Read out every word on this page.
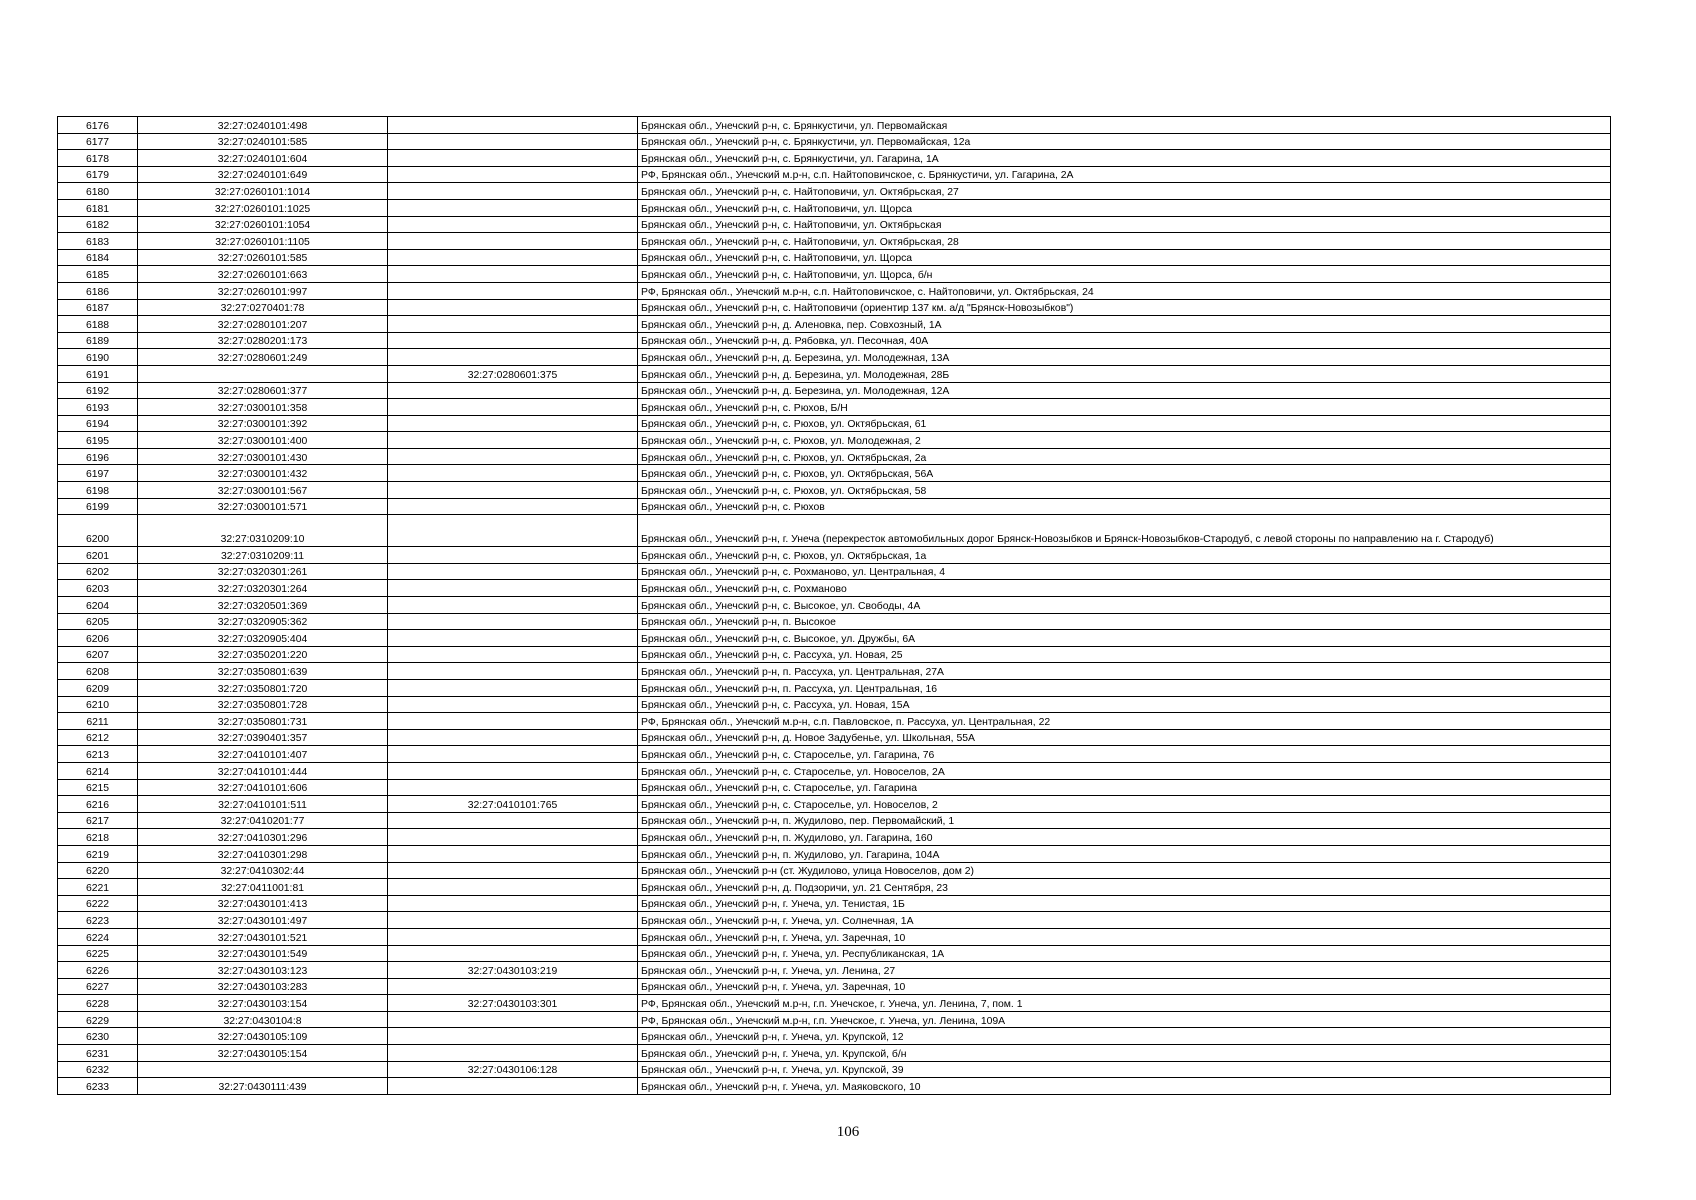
6176	32:27:0240101:498		Брянская обл., Унечский р-н, с. Брянкустичи, ул. Первомайская
6177	32:27:0240101:585		Брянская обл., Унечский р-н, с. Брянкустичи, ул. Первомайская, 12а
6178	32:27:0240101:604		Брянская обл., Унечский р-н, с. Брянкустичи, ул. Гагарина, 1А
6179	32:27:0240101:649		РФ, Брянская обл., Унечский м.р-н, с.п. Найтоповичское, с. Брянкустичи, ул. Гагарина, 2А
6180	32:27:0260101:1014		Брянская обл., Унечский р-н, с. Найтоповичи, ул. Октябрьская, 27
6181	32:27:0260101:1025		Брянская обл., Унечский р-н, с. Найтоповичи, ул. Щорса
6182	32:27:0260101:1054		Брянская обл., Унечский р-н, с. Найтоповичи, ул. Октябрьская
6183	32:27:0260101:1105		Брянская обл., Унечский р-н, с. Найтоповичи, ул. Октябрьская, 28
6184	32:27:0260101:585		Брянская обл., Унечский р-н, с. Найтоповичи, ул. Щорса
6185	32:27:0260101:663		Брянская обл., Унечский р-н, с. Найтоповичи, ул. Щорса, б/н
6186	32:27:0260101:997		РФ, Брянская обл., Унечский м.р-н, с.п. Найтоповичское, с. Найтоповичи, ул. Октябрьская, 24
6187	32:27:0270401:78		Брянская обл., Унечский р-н, с. Найтоповичи (ориентир 137 км. а/д "Брянск-Новозыбков")
6188	32:27:0280101:207		Брянская обл., Унечский р-н, д. Аленовка, пер. Совхозный, 1А
6189	32:27:0280201:173		Брянская обл., Унечский р-н, д. Рябовка, ул. Песочная, 40А
6190	32:27:0280601:249		Брянская обл., Унечский р-н, д. Березина, ул. Молодежная, 13А
6191		32:27:0280601:375	Брянская обл., Унечский р-н, д. Березина, ул. Молодежная, 28Б
6192	32:27:0280601:377		Брянская обл., Унечский р-н, д. Березина, ул. Молодежная, 12А
6193	32:27:0300101:358		Брянская обл., Унечский р-н, с. Рюхов, Б/Н
6194	32:27:0300101:392		Брянская обл., Унечский р-н, с. Рюхов, ул. Октябрьская, 61
6195	32:27:0300101:400		Брянская обл., Унечский р-н, с. Рюхов, ул. Молодежная, 2
6196	32:27:0300101:430		Брянская обл., Унечский р-н, с. Рюхов, ул. Октябрьская, 2а
6197	32:27:0300101:432		Брянская обл., Унечский р-н, с. Рюхов, ул. Октябрьская, 56А
6198	32:27:0300101:567		Брянская обл., Унечский р-н, с. Рюхов, ул. Октябрьская, 58
6199	32:27:0300101:571		Брянская обл., Унечский р-н, с. Рюхов
6200	32:27:0310209:10		Брянская обл., Унечский р-н, г. Унеча (перекресток автомобильных дорог Брянск-Новозыбков и Брянск-Новозыбков-Стародуб, с левой стороны по направлению на г. Стародуб)
6201	32:27:0310209:11		Брянская обл., Унечский р-н, с. Рюхов, ул. Октябрьская, 1а
6202	32:27:0320301:261		Брянская обл., Унечский р-н, с. Рохманово, ул. Центральная, 4
6203	32:27:0320301:264		Брянская обл., Унечский р-н, с. Рохманово
6204	32:27:0320501:369		Брянская обл., Унечский р-н, с. Высокое, ул. Свободы, 4А
6205	32:27:0320905:362		Брянская обл., Унечский р-н, п. Высокое
6206	32:27:0320905:404		Брянская обл., Унечский р-н, с. Высокое, ул. Дружбы, 6А
6207	32:27:0350201:220		Брянская обл., Унечский р-н, с. Рассуха, ул. Новая, 25
6208	32:27:0350801:639		Брянская обл., Унечский р-н, п. Рассуха, ул. Центральная, 27А
6209	32:27:0350801:720		Брянская обл., Унечский р-н, п. Рассуха, ул. Центральная, 16
6210	32:27:0350801:728		Брянская обл., Унечский р-н, с. Рассуха, ул. Новая, 15А
6211	32:27:0350801:731		РФ, Брянская обл., Унечский м.р-н, с.п. Павловское, п. Рассуха, ул. Центральная, 22
6212	32:27:0390401:357		Брянская обл., Унечский р-н, д. Новое Задубенье, ул. Школьная, 55А
6213	32:27:0410101:407		Брянская обл., Унечский р-н, с. Староселье, ул. Гагарина, 76
6214	32:27:0410101:444		Брянская обл., Унечский р-н, с. Староселье, ул. Новоселов, 2А
6215	32:27:0410101:606		Брянская обл., Унечский р-н, с. Староселье, ул. Гагарина
6216	32:27:0410101:511	32:27:0410101:765	Брянская обл., Унечский р-н, с. Староселье, ул. Новоселов, 2
6217	32:27:0410201:77		Брянская обл., Унечский р-н, п. Жудилово, пер. Первомайский, 1
6218	32:27:0410301:296		Брянская обл., Унечский р-н, п. Жудилово, ул. Гагарина, 160
6219	32:27:0410301:298		Брянская обл., Унечский р-н, п. Жудилово, ул. Гагарина, 104А
6220	32:27:0410302:44		Брянская обл., Унечский р-н (ст. Жудилово, улица Новоселов, дом 2)
6221	32:27:0411001:81		Брянская обл., Унечский р-н, д. Подзоричи, ул. 21 Сентября, 23
6222	32:27:0430101:413		Брянская обл., Унечский р-н, г. Унеча, ул. Тенистая, 1Б
6223	32:27:0430101:497		Брянская обл., Унечский р-н, г. Унеча, ул. Солнечная, 1А
6224	32:27:0430101:521		Брянская обл., Унечский р-н, г. Унеча, ул. Заречная, 10
6225	32:27:0430101:549		Брянская обл., Унечский р-н, г. Унеча, ул. Республиканская, 1А
6226	32:27:0430103:123	32:27:0430103:219	Брянская обл., Унечский р-н, г. Унеча, ул. Ленина, 27
6227	32:27:0430103:283		Брянская обл., Унечский р-н, г. Унеча, ул. Заречная, 10
6228	32:27:0430103:154	32:27:0430103:301	РФ, Брянская обл., Унечский м.р-н, г.п. Унечское, г. Унеча, ул. Ленина, 7, пом. 1
6229	32:27:0430104:8		РФ, Брянская обл., Унечский м.р-н, г.п. Унечское, г. Унеча, ул. Ленина, 109А
6230	32:27:0430105:109		Брянская обл., Унечский р-н, г. Унеча, ул. Крупской, 12
6231	32:27:0430105:154		Брянская обл., Унечский р-н, г. Унеча, ул. Крупской, б/н
6232		32:27:0430106:128	Брянская обл., Унечский р-н, г. Унеча, ул. Крупской, 39
6233	32:27:0430111:439		Брянская обл., Унечский р-н, г. Унеча, ул. Маяковского, 10
106
